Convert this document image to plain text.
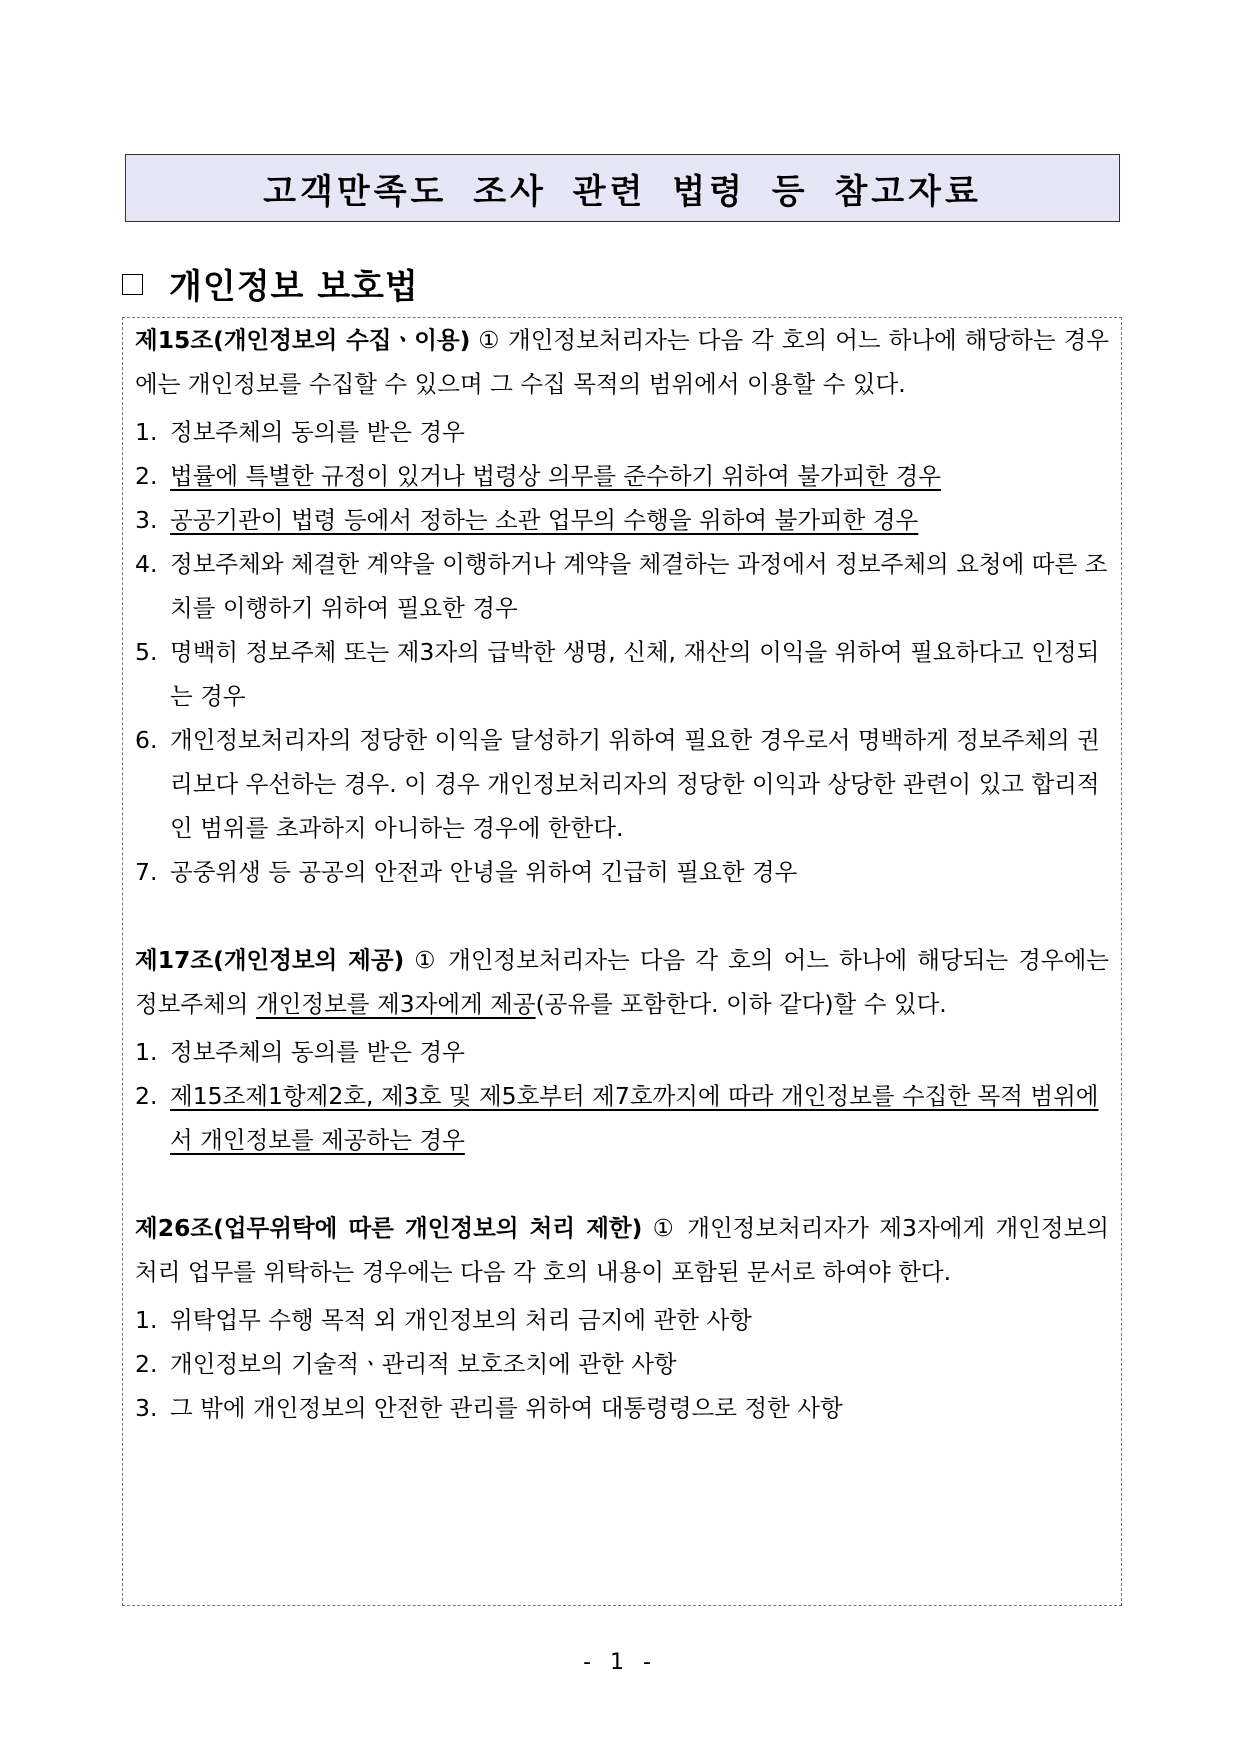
고객만족도 조사 관련 법령 등 참고자료
개인정보 보호법

제15조(개인정보의 수집ㆍ이용) ① 개인정보처리자는 다음 각 호의 어느 하나에 해당하는 경우에는 개인정보를 수집할 수 있으며 그 수집 목적의 범위에서 이용할 수 있다.

1. 정보주체의 동의를 받은 경우
2. 법률에 특별한 규정이 있거나 법령상 의무를 준수하기 위하여 불가피한 경우
3. 공공기관이 법령 등에서 정하는 소관 업무의 수행을 위하여 불가피한 경우
4. 정보주체와 체결한 계약을 이행하거나 계약을 체결하는 과정에서 정보주체의 요청에 따른 조치를 이행하기 위하여 필요한 경우
5. 명백히 정보주체 또는 제3자의 급박한 생명, 신체, 재산의 이익을 위하여 필요하다고 인정되는 경우
6. 개인정보처리자의 정당한 이익을 달성하기 위하여 필요한 경우로서 명백하게 정보주체의 권리보다 우선하는 경우. 이 경우 개인정보처리자의 정당한 이익과 상당한 관련이 있고 합리적인 범위를 초과하지 아니하는 경우에 한한다.
7. 공중위생 등 공공의 안전과 안녕을 위하여 긴급히 필요한 경우

제17조(개인정보의 제공) ① 개인정보처리자는 다음 각 호의 어느 하나에 해당되는 경우에는 정보주체의 개인정보를 제3자에게 제공(공유를 포함한다. 이하 같다)할 수 있다.

1. 정보주체의 동의를 받은 경우
2. 제15조제1항제2호, 제3호 및 제5호부터 제7호까지에 따라 개인정보를 수집한 목적 범위에서 개인정보를 제공하는 경우

제26조(업무위탁에 따른 개인정보의 처리 제한) ① 개인정보처리자가 제3자에게 개인정보의 처리 업무를 위탁하는 경우에는 다음 각 호의 내용이 포함된 문서로 하여야 한다.

1. 위탁업무 수행 목적 외 개인정보의 처리 금지에 관한 사항
2. 개인정보의 기술적ㆍ관리적 보호조치에 관한 사항
3. 그 밖에 개인정보의 안전한 관리를 위하여 대통령령으로 정한 사항
- 1 -
